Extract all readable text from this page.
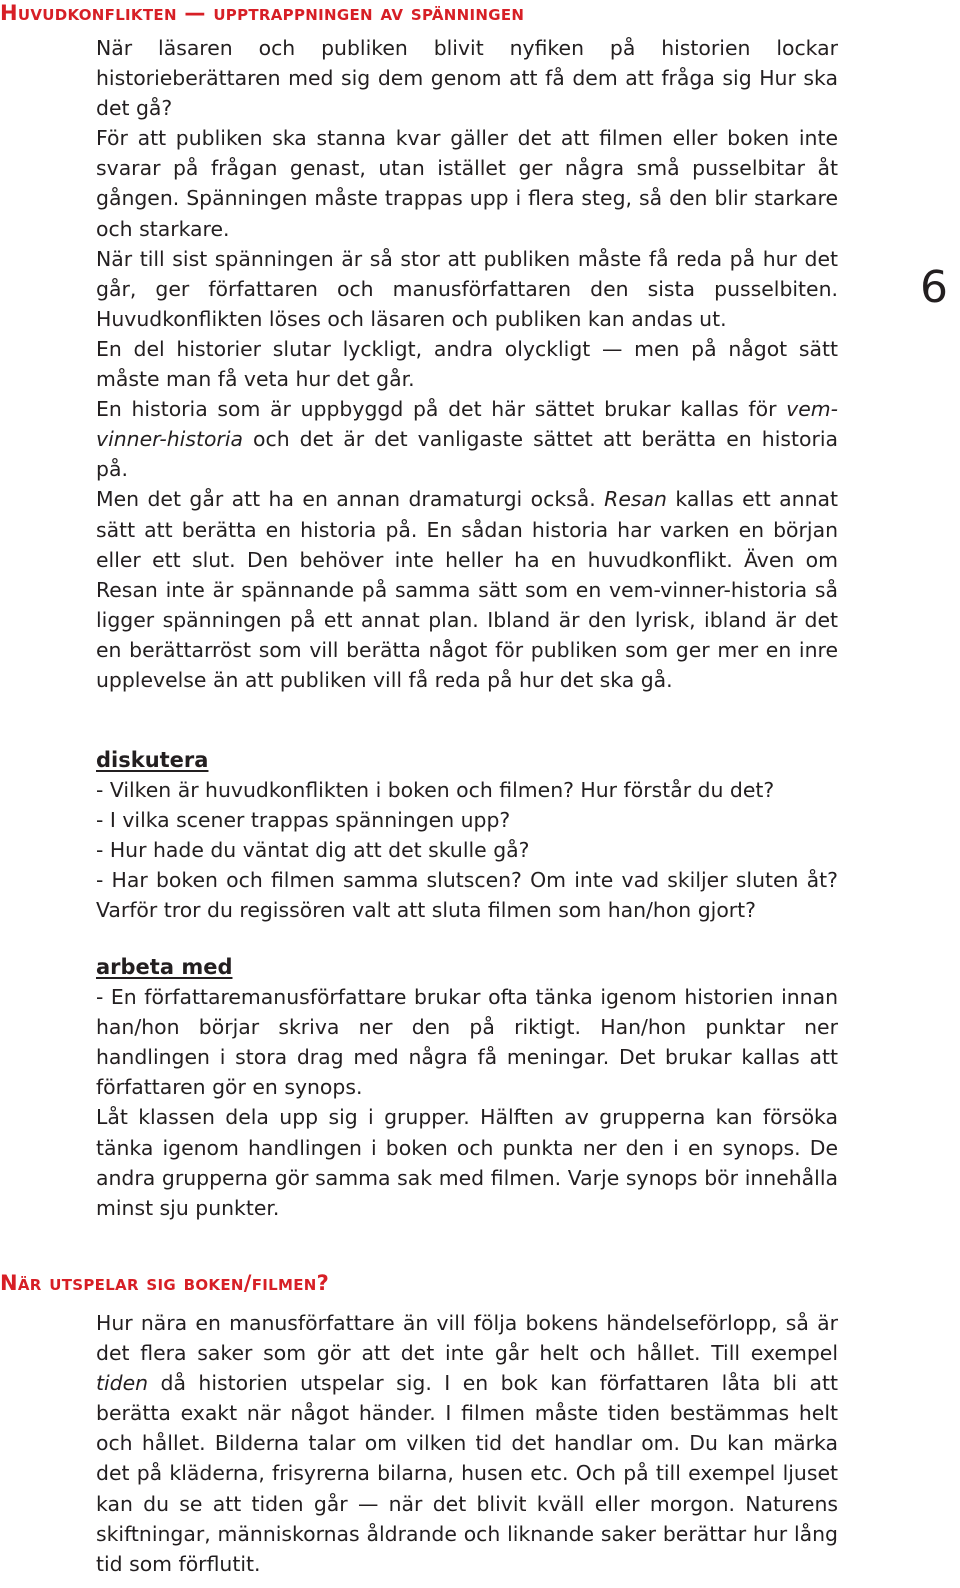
Huvudkonflikten — upptrappningen av spänningen

När läsaren och publiken blivit nyfiken på historien lockar historieberättaren med sig dem genom att få dem att fråga sig Hur ska det gå?

För att publiken ska stanna kvar gäller det att filmen eller boken inte svarar på frågan genast, utan istället ger några små pusselbitar åt gången. Spänningen måste trappas upp i flera steg, så den blir starkare och starkare.

När till sist spänningen är så stor att publiken måste få reda på hur det går, ger författaren och manusförfattaren den sista pusselbiten. Huvudkonflikten löses och läsaren och publiken kan andas ut.

En del historier slutar lyckligt, andra olyckligt — men på något sätt måste man få veta hur det går.

En historia som är uppbyggd på det här sättet brukar kallas för vem-vinner-historia och det är det vanligaste sättet att berätta en historia på.

Men det går att ha en annan dramaturgi också. Resan kallas ett annat sätt att berätta en historia på. En sådan historia har varken en början eller ett slut. Den behöver inte heller ha en huvudkonflikt. Även om Resan inte är spännande på samma sätt som en vem-vinner-historia så ligger spänningen på ett annat plan. Ibland är den lyrisk, ibland är det en berättarröst som vill berätta något för publiken som ger mer en inre upplevelse än att publiken vill få reda på hur det ska gå.

6
diskutera
- Vilken är huvudkonflikten i boken och filmen? Hur förstår du det?
- I vilka scener trappas spänningen upp?
- Hur hade du väntat dig att det skulle gå?
- Har boken och filmen samma slutscen? Om inte vad skiljer sluten åt? Varför tror du regissören valt att sluta filmen som han/hon gjort?
arbeta med

- En författaremanusförfattare brukar ofta tänka igenom historien innan han/hon börjar skriva ner den på riktigt. Han/hon punktar ner handlingen i stora drag med några få meningar. Det brukar kallas att författaren gör en synops.

Låt klassen dela upp sig i grupper. Hälften av grupperna kan försöka tänka igenom handlingen i boken och punkta ner den i en synops. De andra grupperna gör samma sak med filmen. Varje synops bör innehålla minst sju punkter.

När utspelar sig boken/filmen?

Hur nära en manusförfattare än vill följa bokens händelseförlopp, så är det flera saker som gör att det inte går helt och hållet. Till exempel tiden då historien utspelar sig. I en bok kan författaren låta bli att berätta exakt när något händer. I filmen måste tiden bestämmas helt och hållet. Bilderna talar om vilken tid det handlar om. Du kan märka det på kläderna, frisyrerna bilarna, husen etc. Och på till exempel ljuset kan du se att tiden går — när det blivit kväll eller morgon. Naturens skiftningar, människornas åldrande och liknande saker berättar hur lång tid som förflutit.
